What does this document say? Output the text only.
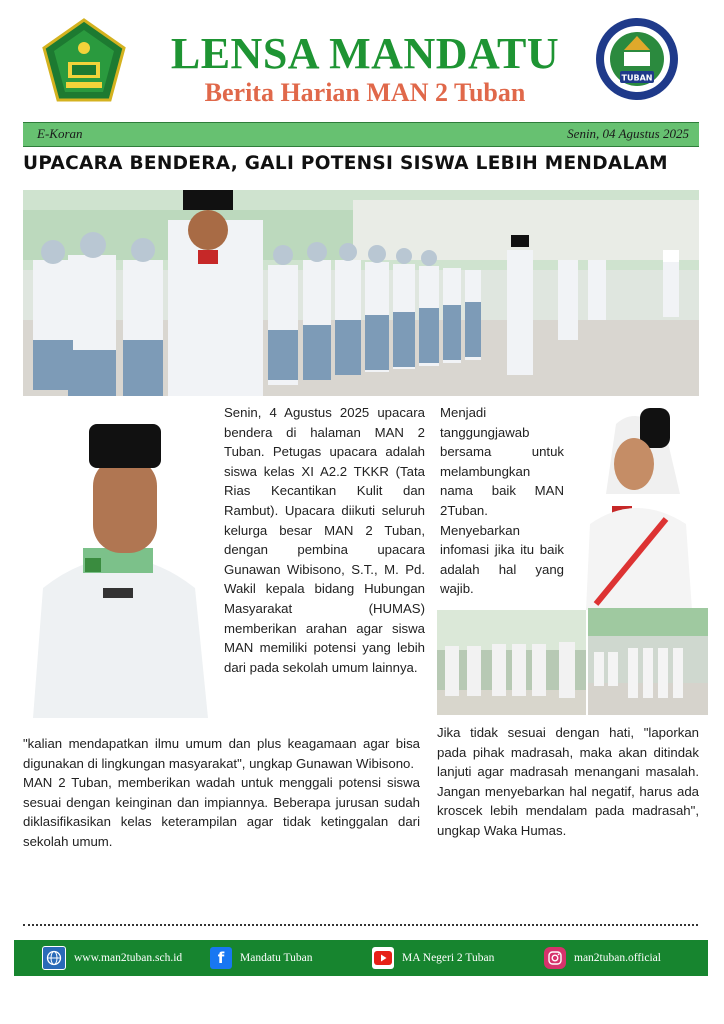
LENSA MANDATU
Berita Harian MAN 2 Tuban	TUBAN
E-Koran	Senin, 04 Agustus 2025
UPACARA BENDERA, GALI POTENSI SISWA LEBIH MENDALAM

Senin, 4 Agustus 2025 upacara bendera di halaman MAN 2 Tuban. Petugas upacara adalah siswa kelas XI A2.2 TKKR (Tata Rias Kecantikan Kulit dan Rambut). Upacara diikuti seluruh kelurga besar MAN 2 Tuban, dengan pembina upacara Gunawan Wibisono, S.T., M. Pd. Wakil kepala bidang Hubungan Masyarakat (HUMAS) memberikan arahan agar siswa MAN memiliki potensi yang lebih dari pada sekolah umum lainnya.

Menjadi tanggungjawab bersama untuk melambungkan nama baik MAN 2Tuban. Menyebarkan infomasi jika itu baik adalah hal yang wajib.

"kalian mendapatkan ilmu umum dan plus keagamaan agar bisa digunakan di lingkungan masyarakat", ungkap Gunawan Wibisono.

MAN 2 Tuban, memberikan wadah untuk menggali potensi siswa sesuai dengan keinginan dan impiannya. Beberapa jurusan sudah diklasifikasikan kelas keterampilan agar tidak ketinggalan dari sekolah umum.

Jika tidak sesuai dengan hati, "laporkan pada pihak madrasah, maka akan ditindak lanjuti agar madrasah menangani masalah. Jangan menyebarkan hal negatif, harus ada kroscek lebih mendalam pada madrasah", ungkap Waka Humas.

www.man2tuban.sch.id f Mandatu Tuban	MA Negeri 2 Tuban	man2tuban.official
